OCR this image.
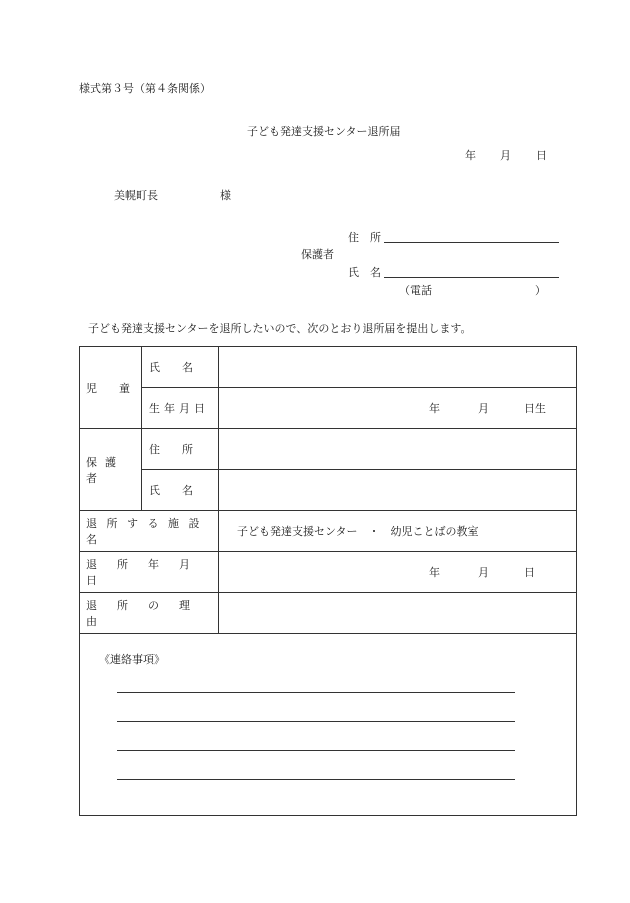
様式第３号（第４条関係）
子ども発達支援センター退所届
年 月 日
美幌町長	様
住　所
保護者
氏　名
（電話	）
子ども発達支援センターを退所したいので、次のとおり退所届を提出します。
児　　童	氏　　名	

	生年月日	年 月 日生

保護者	住　　所	

	氏　　名	

退所する施設名		子ども発達支援センター　・　幼児ことばの教室

退所年月日		年 月 日

退所の理由		

《連絡事項》		
